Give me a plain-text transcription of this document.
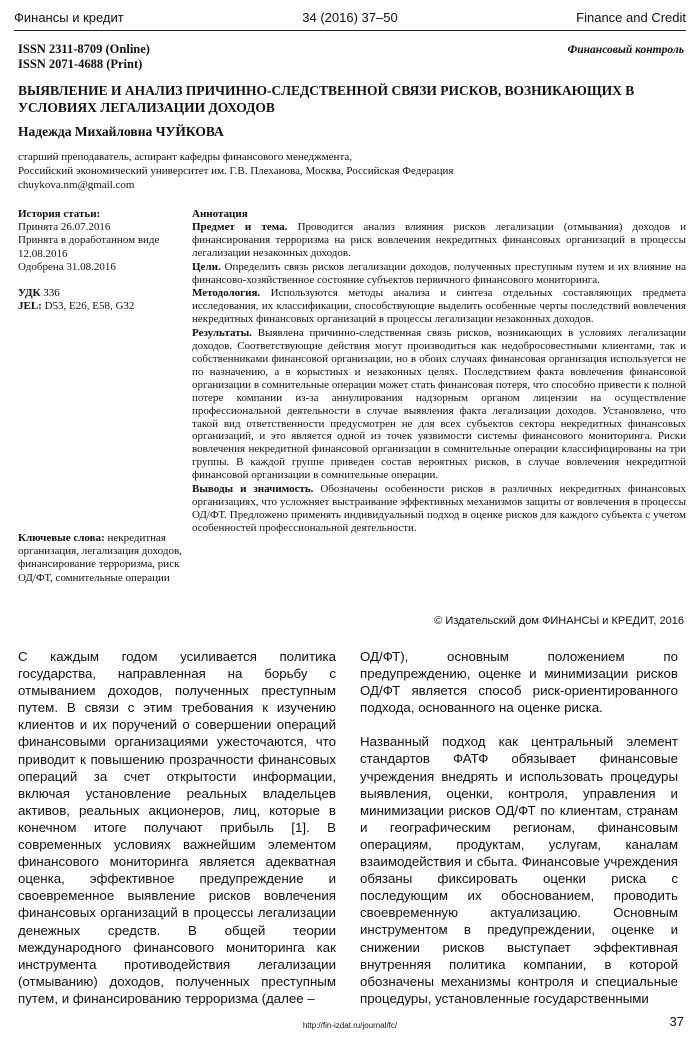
Финансы и кредит	34 (2016) 37–50	Finance and Credit
ISSN 2311-8709 (Online)
ISSN 2071-4688 (Print)
Финансовый контроль
ВЫЯВЛЕНИЕ И АНАЛИЗ ПРИЧИННО-СЛЕДСТВЕННОЙ СВЯЗИ РИСКОВ, ВОЗНИКАЮЩИХ В УСЛОВИЯХ ЛЕГАЛИЗАЦИИ ДОХОДОВ
Надежда Михайловна ЧУЙКОВА
старший преподаватель, аспирант кафедры финансового менеджмента,
Российский экономический университет им. Г.В. Плеханова, Москва, Российская Федерация
chuykova.nm@gmail.com
История статьи:
Принята 26.07.2016
Принята в доработанном виде 12.08.2016
Одобрена 31.08.2016
УДК 336
JEL: D53, E26, E58, G32
Ключевые слова: некредитная организация, легализация доходов, финансирование терроризма, риск ОД/ФТ, сомнительные операции
Аннотация

Предмет и тема. Проводится анализ влияния рисков легализации (отмывания) доходов и финансирования терроризма на риск вовлечения некредитных финансовых организаций в процессы легализации незаконных доходов.

Цели. Определить связь рисков легализации доходов, полученных преступным путем и их влияние на финансово-хозяйственное состояние субъектов первичного финансового мониторинга.

Методология. Используются методы анализа и синтеза отдельных составляющих предмета исследования, их классификации, способствующие выделить особенные черты последствий вовлечения некредитных финансовых организаций в процессы легализации незаконных доходов.

Результаты. Выявлена причинно-следственная связь рисков, возникающих в условиях легализации доходов. Соответствующие действия могут производиться как недобросовестными клиентами, так и собственниками финансовой организации, но в обоих случаях финансовая организация используется не по назначению, а в корыстных и незаконных целях. Последствием факта вовлечения финансовой организации в сомнительные операции может стать финансовая потеря, что способно привести к полной потере компании из-за аннулирования надзорным органом лицензии на осуществление профессиональной деятельности в случае выявления факта легализации доходов. Установлено, что такой вид ответственности предусмотрен не для всех субъектов сектора некредитных финансовых организаций, и это является одной из точек уязвимости системы финансового мониторинга. Риски вовлечения некредитной финансовой организации в сомнительные операции классифицированы на три группы. В каждой группе приведен состав вероятных рисков, в случае вовлечения некредитной финансовой организации в сомнительные операции.

Выводы и значимость. Обозначены особенности рисков в различных некредитных финансовых организациях, что усложняет выстраивание эффективных механизмов защиты от вовлечения в процессы ОД/ФТ. Предложено применять индивидуальный подход в оценке рисков для каждого субъекта с учетом особенностей профессиональной деятельности.

© Издательский дом ФИНАНСЫ и КРЕДИТ, 2016

С каждым годом усиливается политика государства, направленная на борьбу с отмыванием доходов, полученных преступным путем. В связи с этим требования к изучению клиентов и их поручений о совершении операций финансовыми организациями ужесточаются, что приводит к повышению прозрачности финансовых операций за счет открытости информации, включая установление реальных владельцев активов, реальных акционеров, лиц, которые в конечном итоге получают прибыль [1]. В современных условиях важнейшим элементом финансового мониторинга является адекватная оценка, эффективное предупреждение и своевременное выявление рисков вовлечения финансовых организаций в процессы легализации денежных средств. В общей теории международного финансового мониторинга как инструмента противодействия легализации (отмыванию) доходов, полученных преступным путем, и финансированию терроризма (далее –

ОД/ФТ), основным положением по предупреждению, оценке и минимизации рисков ОД/ФТ является способ риск-ориентированного подхода, основанного на оценке риска.

Названный подход как центральный элемент стандартов ФАТФ обязывает финансовые учреждения внедрять и использовать процедуры выявления, оценки, контроля, управления и минимизации рисков ОД/ФТ по клиентам, странам и географическим регионам, финансовым операциям, продуктам, услугам, каналам взаимодействия и сбыта. Финансовые учреждения обязаны фиксировать оценки риска с последующим их обоснованием, проводить своевременную актуализацию. Основным инструментом в предупреждении, оценке и снижении рисков выступает эффективная внутренняя политика компании, в которой обозначены механизмы контроля и специальные процедуры, установленные государственными

http://fin-izdat.ru/journal/fc/	37
